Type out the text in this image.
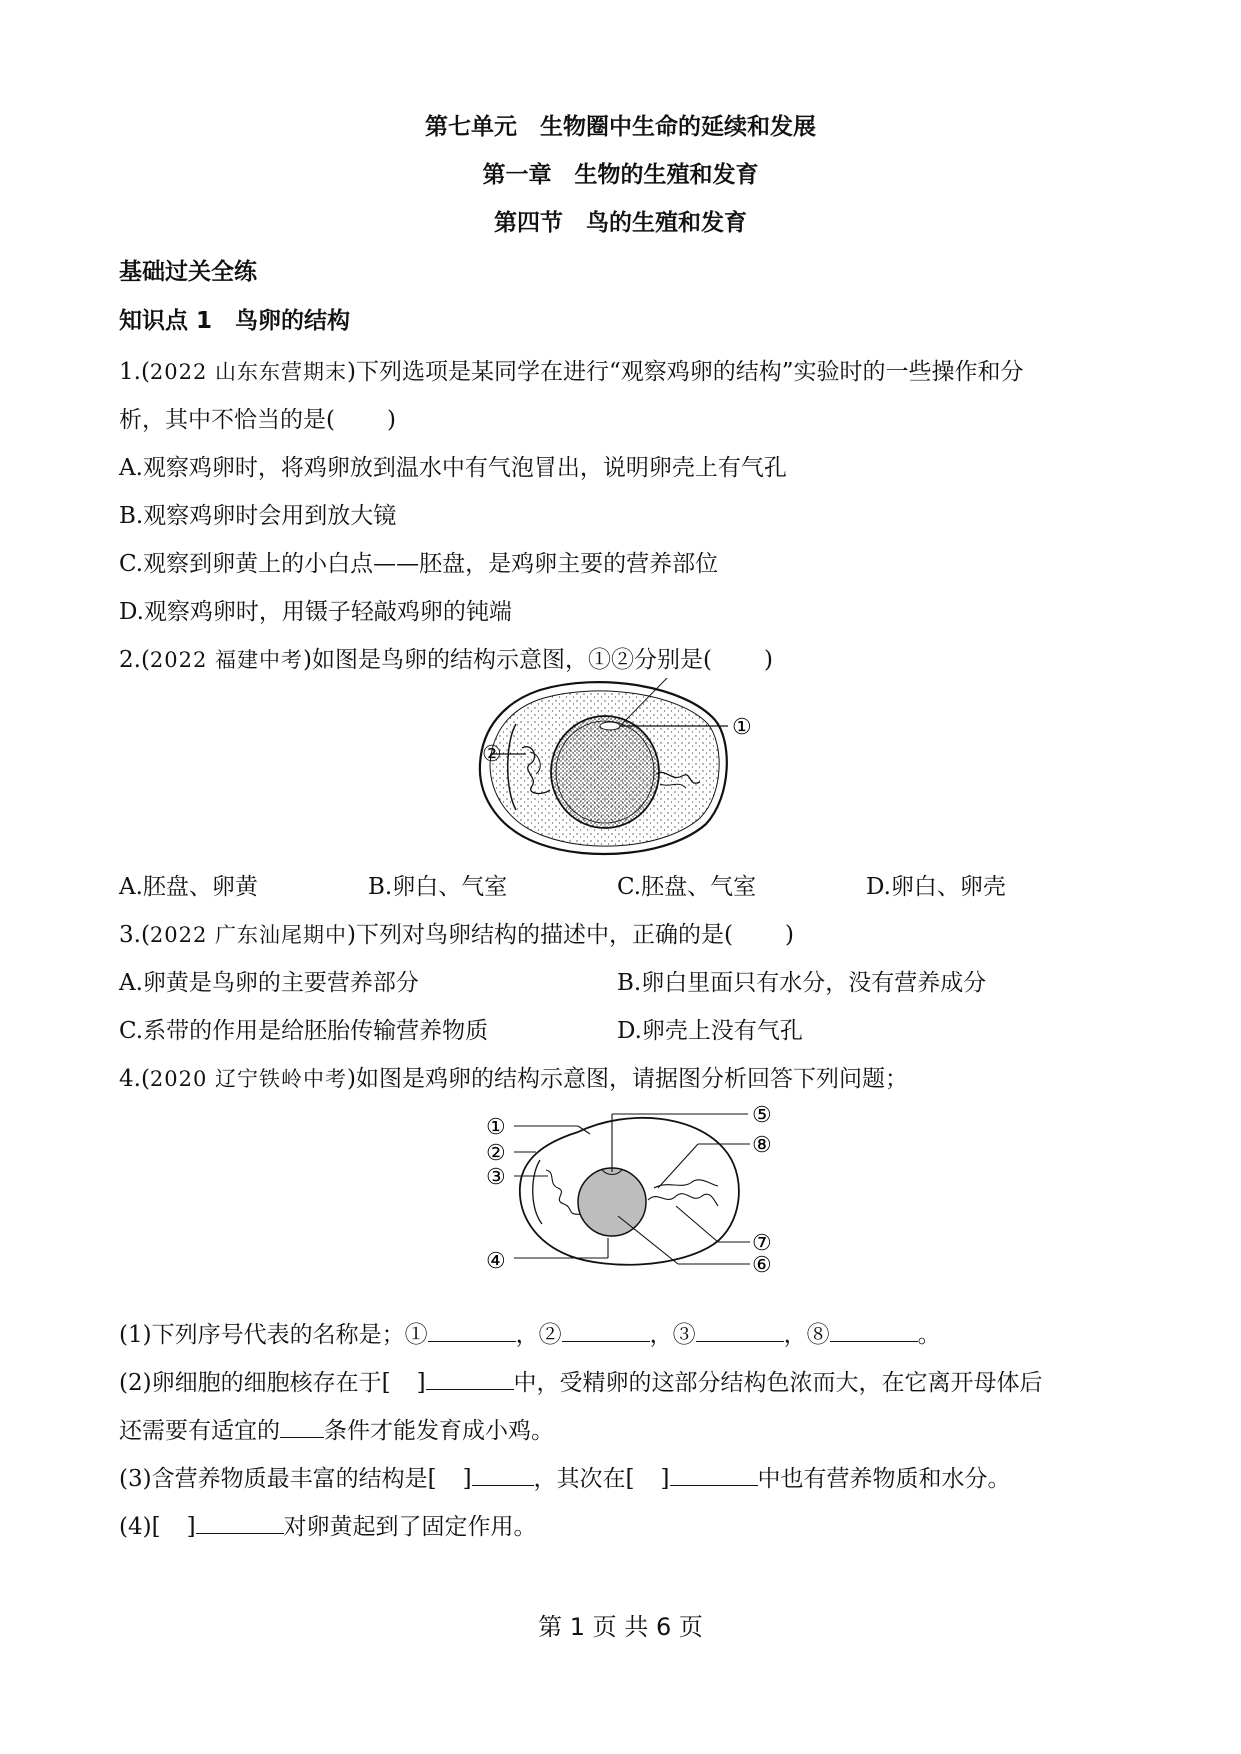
第七单元　生物圈中生命的延续和发展
第一章　生物的生殖和发育
第四节　鸟的生殖和发育
基础过关全练
知识点 1　鸟卵的结构
1.(2022 山东东营期末)下列选项是某同学在进行“观察鸡卵的结构”实验时的一些操作和分
析，其中不恰当的是( )
A.观察鸡卵时，将鸡卵放到温水中有气泡冒出，说明卵壳上有气孔
B.观察鸡卵时会用到放大镜
C.观察到卵黄上的小白点——胚盘，是鸡卵主要的营养部位
D.观察鸡卵时，用镊子轻敲鸡卵的钝端
2.(2022 福建中考)如图是鸟卵的结构示意图，①②分别是( )
①
②
A.胚盘、卵黄	B.卵白、气室	C.胚盘、气室	D.卵白、卵壳
3.(2022 广东汕尾期中)下列对鸟卵结构的描述中，正确的是( )
A.卵黄是鸟卵的主要营养部分	B.卵白里面只有水分，没有营养成分
C.系带的作用是给胚胎传输营养物质	D.卵壳上没有气孔
4.(2020 辽宁铁岭中考)如图是鸡卵的结构示意图，请据图分析回答下列问题；
①
②
③
④
⑤
⑥
⑦
⑧
(1)下列序号代表的名称是；①	，②	，③	，⑧	。
(2)卵细胞的细胞核存在于[ ]	中，受精卵的这部分结构色浓而大，在它离开母体后
还需要有适宜的 条件才能发育成小鸡。
(3)含营养物质最丰富的结构是[ ]	，其次在[ ]	中也有营养物质和水分。
(4)[ ]	对卵黄起到了固定作用。
第 1 页 共 6 页
